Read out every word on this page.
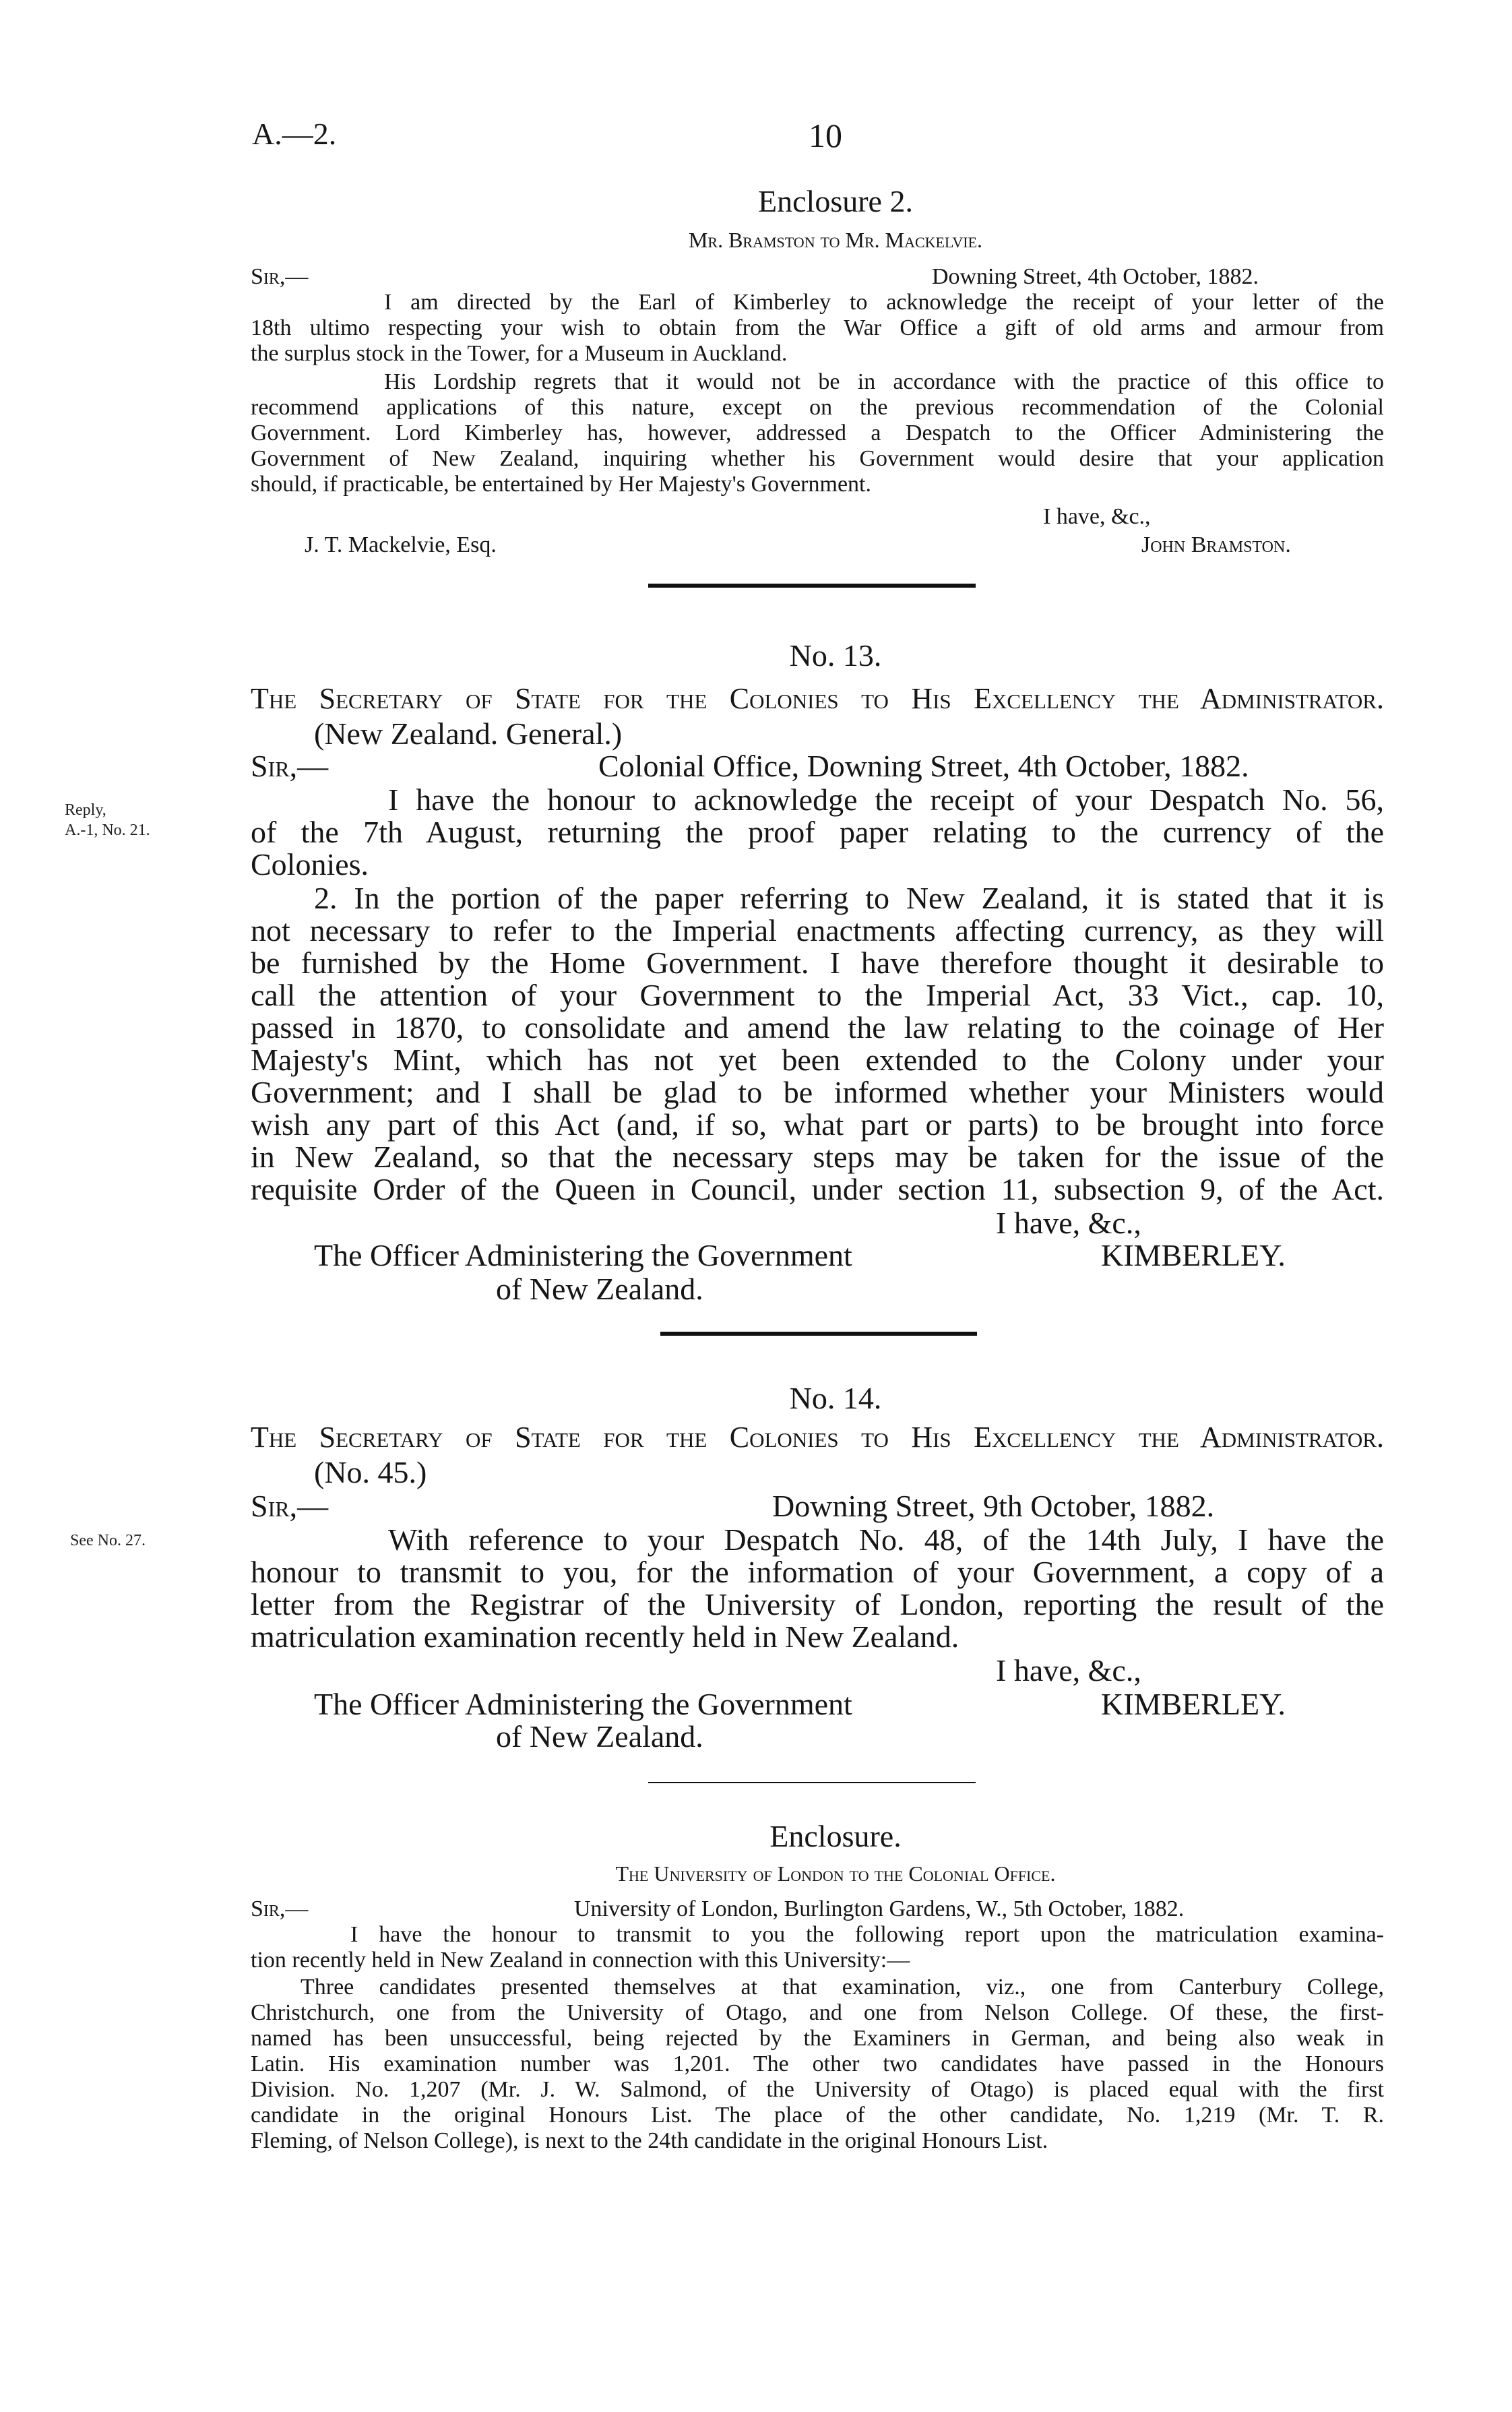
A.—2.	10
Enclosure 2.
Mr. Bramston to Mr. Mackelvie.
Sir,—	Downing Street, 4th October, 1882.
I am directed by the Earl of Kimberley to acknowledge the receipt of your letter of the
18th ultimo respecting your wish to obtain from the War Office a gift of old arms and armour from
the surplus stock in the Tower, for a Museum in Auckland.
His Lordship regrets that it would not be in accordance with the practice of this office to
recommend applications of this nature, except on the previous recommendation of the Colonial
Government. Lord Kimberley has, however, addressed a Despatch to the Officer Administering the
Government of New Zealand, inquiring whether his Government would desire that your application
should, if practicable, be entertained by Her Majesty's Government.
I have, &c.,
J. T. Mackelvie, Esq.	John Bramston.
No. 13.
The Secretary of State for the Colonies to His Excellency the Administrator.
(New Zealand. General.)
Sir,—	Colonial Office, Downing Street, 4th October, 1882.
Reply,
A.-1, No. 21.
I have the honour to acknowledge the receipt of your Despatch No. 56,
of the 7th August, returning the proof paper relating to the currency of the
Colonies.
2. In the portion of the paper referring to New Zealand, it is stated that it is
not necessary to refer to the Imperial enactments affecting currency, as they will
be furnished by the Home Government. I have therefore thought it desirable to
call the attention of your Government to the Imperial Act, 33 Vict., cap. 10,
passed in 1870, to consolidate and amend the law relating to the coinage of Her
Majesty's Mint, which has not yet been extended to the Colony under your
Government; and I shall be glad to be informed whether your Ministers would
wish any part of this Act (and, if so, what part or parts) to be brought into force
in New Zealand, so that the necessary steps may be taken for the issue of the
requisite Order of the Queen in Council, under section 11, subsection 9, of the Act.
I have, &c.,
The Officer Administering the Government
of New Zealand.
KIMBERLEY.
No. 14.
The Secretary of State for the Colonies to His Excellency the Administrator.
(No. 45.)
Sir,—	Downing Street, 9th October, 1882.
See No. 27.	With reference to your Despatch No. 48, of the 14th July, I have the
honour to transmit to you, for the information of your Government, a copy of a
letter from the Registrar of the University of London, reporting the result of the
matriculation examination recently held in New Zealand.
I have, &c.,
The Officer Administering the Government
of New Zealand.
KIMBERLEY.
Enclosure.
The University of London to the Colonial Office.
Sir,—	University of London, Burlington Gardens, W., 5th October, 1882.
I have the honour to transmit to you the following report upon the matriculation examina-
tion recently held in New Zealand in connection with this University:—
Three candidates presented themselves at that examination, viz., one from Canterbury College,
Christchurch, one from the University of Otago, and one from Nelson College. Of these, the first-
named has been unsuccessful, being rejected by the Examiners in German, and being also weak in
Latin. His examination number was 1,201. The other two candidates have passed in the Honours
Division. No. 1,207 (Mr. J. W. Salmond, of the University of Otago) is placed equal with the first
candidate in the original Honours List. The place of the other candidate, No. 1,219 (Mr. T. R.
Fleming, of Nelson College), is next to the 24th candidate in the original Honours List.
